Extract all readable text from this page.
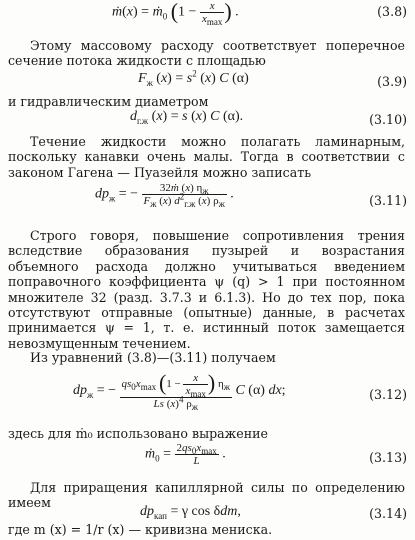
ṁ(x) = ṁ$_0$ ($1 - \frac{x}{x_{max}}$ ) .	(3.8)
Этому массовому расходу соответствует поперечное сечение потока жидкости с площадью
$F_ж$ $(x) = s^2$ (x) C (α)	(3.9)
и гидравлическим диаметром
$d_{г.ж}$ (x) = s (x) C (α).	(3.10)
Течение жидкости можно полагать ламинарным, поскольку канавки очень малы. Тогда в соответствии с законом Гагена — Пуазейля можно записать
$dp_ж$ = − $\frac{32ṁ (x) \eta_ж}{F_ж (x) d^2_{г.ж} (x) \rho_ж}$ .	(3.11)
Строго говоря, повышение сопротивления трения вследствие образования пузырей и возрастания объемного расхода должно учитываться введением поправочного коэффициента ψ (q) > 1 при постоянном множителе 32 (разд. 3.7.3 и 6.1.3). Но до тех пор, пока отсутствуют отправные (опытные) данные, в расчетах принимается ψ = 1, т. е. истинный поток замещается невозмущенным течением.
Из уравнений (3.8)—(3.11) получаем
$dp_ж$ = − $\frac{qs_0x_{max} (1 - \frac{x}{x_{max}} ) \eta_ж}{Ls (x)^4 \rho_ж}$ C (α) dx;	(3.12)
здесь для ṁ₀ использовано выражение
ṁ$_0$ = $\frac{2qs_0x_{max}}{L}$ .	(3.13)
Для приращения капиллярной силы по определению имеем
$dp_{кап} = \gamma$ cos δdm,	(3.14)
где m (x) = 1/r (x) — кривизна мениска.
